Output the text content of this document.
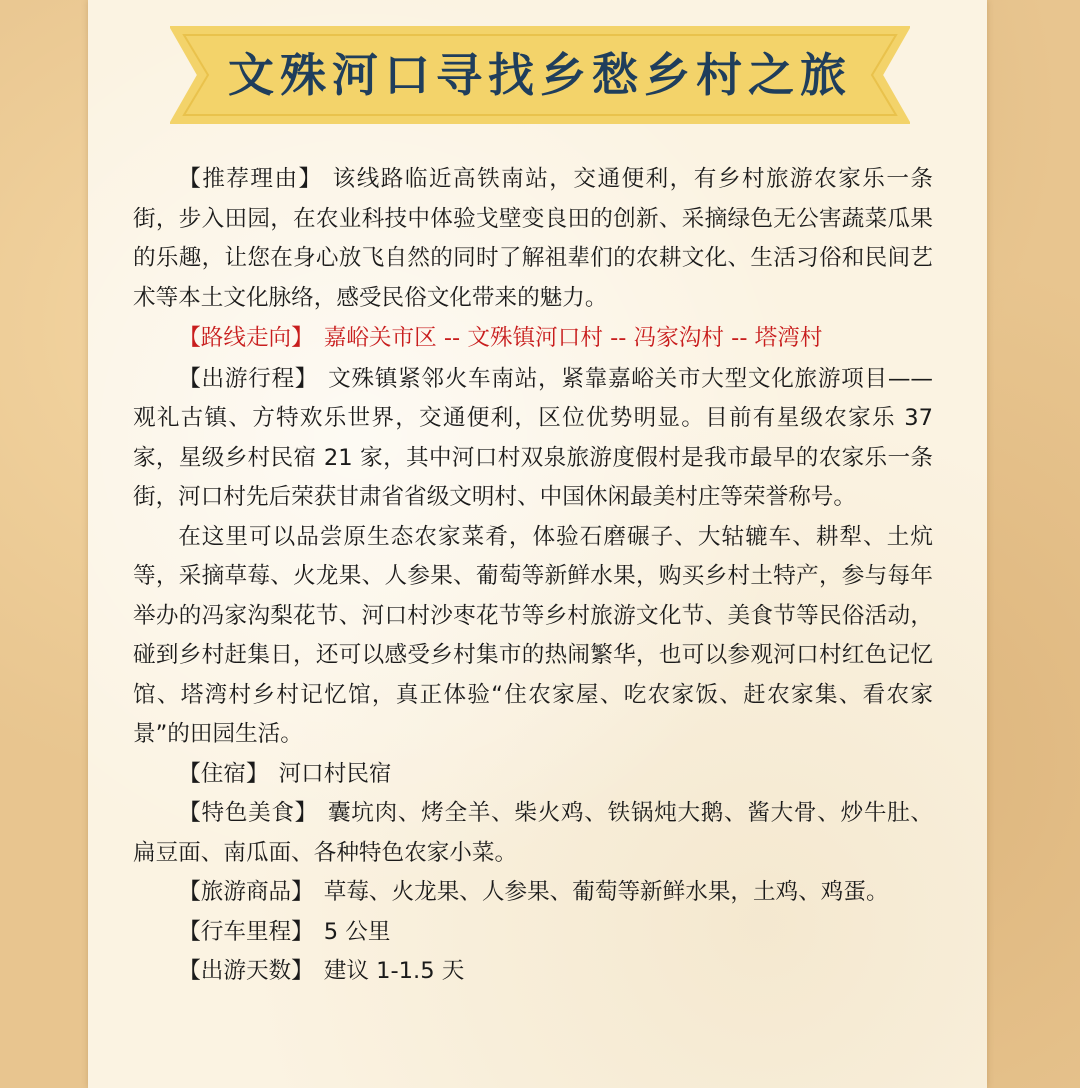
文殊河口寻找乡愁乡村之旅

【推荐理由】 该线路临近高铁南站，交通便利，有乡村旅游农家乐一条街，步入田园，在农业科技中体验戈壁变良田的创新、采摘绿色无公害蔬菜瓜果的乐趣，让您在身心放飞自然的同时了解祖辈们的农耕文化、生活习俗和民间艺术等本土文化脉络，感受民俗文化带来的魅力。

【路线走向】 嘉峪关市区 -- 文殊镇河口村 -- 冯家沟村 -- 塔湾村

【出游行程】 文殊镇紧邻火车南站，紧靠嘉峪关市大型文化旅游项目——观礼古镇、方特欢乐世界，交通便利，区位优势明显。目前有星级农家乐 37 家，星级乡村民宿 21 家，其中河口村双泉旅游度假村是我市最早的农家乐一条街，河口村先后荣获甘肃省省级文明村、中国休闲最美村庄等荣誉称号。

在这里可以品尝原生态农家菜肴，体验石磨碾子、大轱辘车、耕犁、土炕等，采摘草莓、火龙果、人参果、葡萄等新鲜水果，购买乡村土特产，参与每年举办的冯家沟梨花节、河口村沙枣花节等乡村旅游文化节、美食节等民俗活动，碰到乡村赶集日，还可以感受乡村集市的热闹繁华，也可以参观河口村红色记忆馆、塔湾村乡村记忆馆，真正体验“住农家屋、吃农家饭、赶农家集、看农家景”的田园生活。

【住宿】 河口村民宿

【特色美食】 囊坑肉、烤全羊、柴火鸡、铁锅炖大鹅、酱大骨、炒牛肚、扁豆面、南瓜面、各种特色农家小菜。

【旅游商品】 草莓、火龙果、人参果、葡萄等新鲜水果，土鸡、鸡蛋。

【行车里程】 5 公里

【出游天数】 建议 1-1.5 天
